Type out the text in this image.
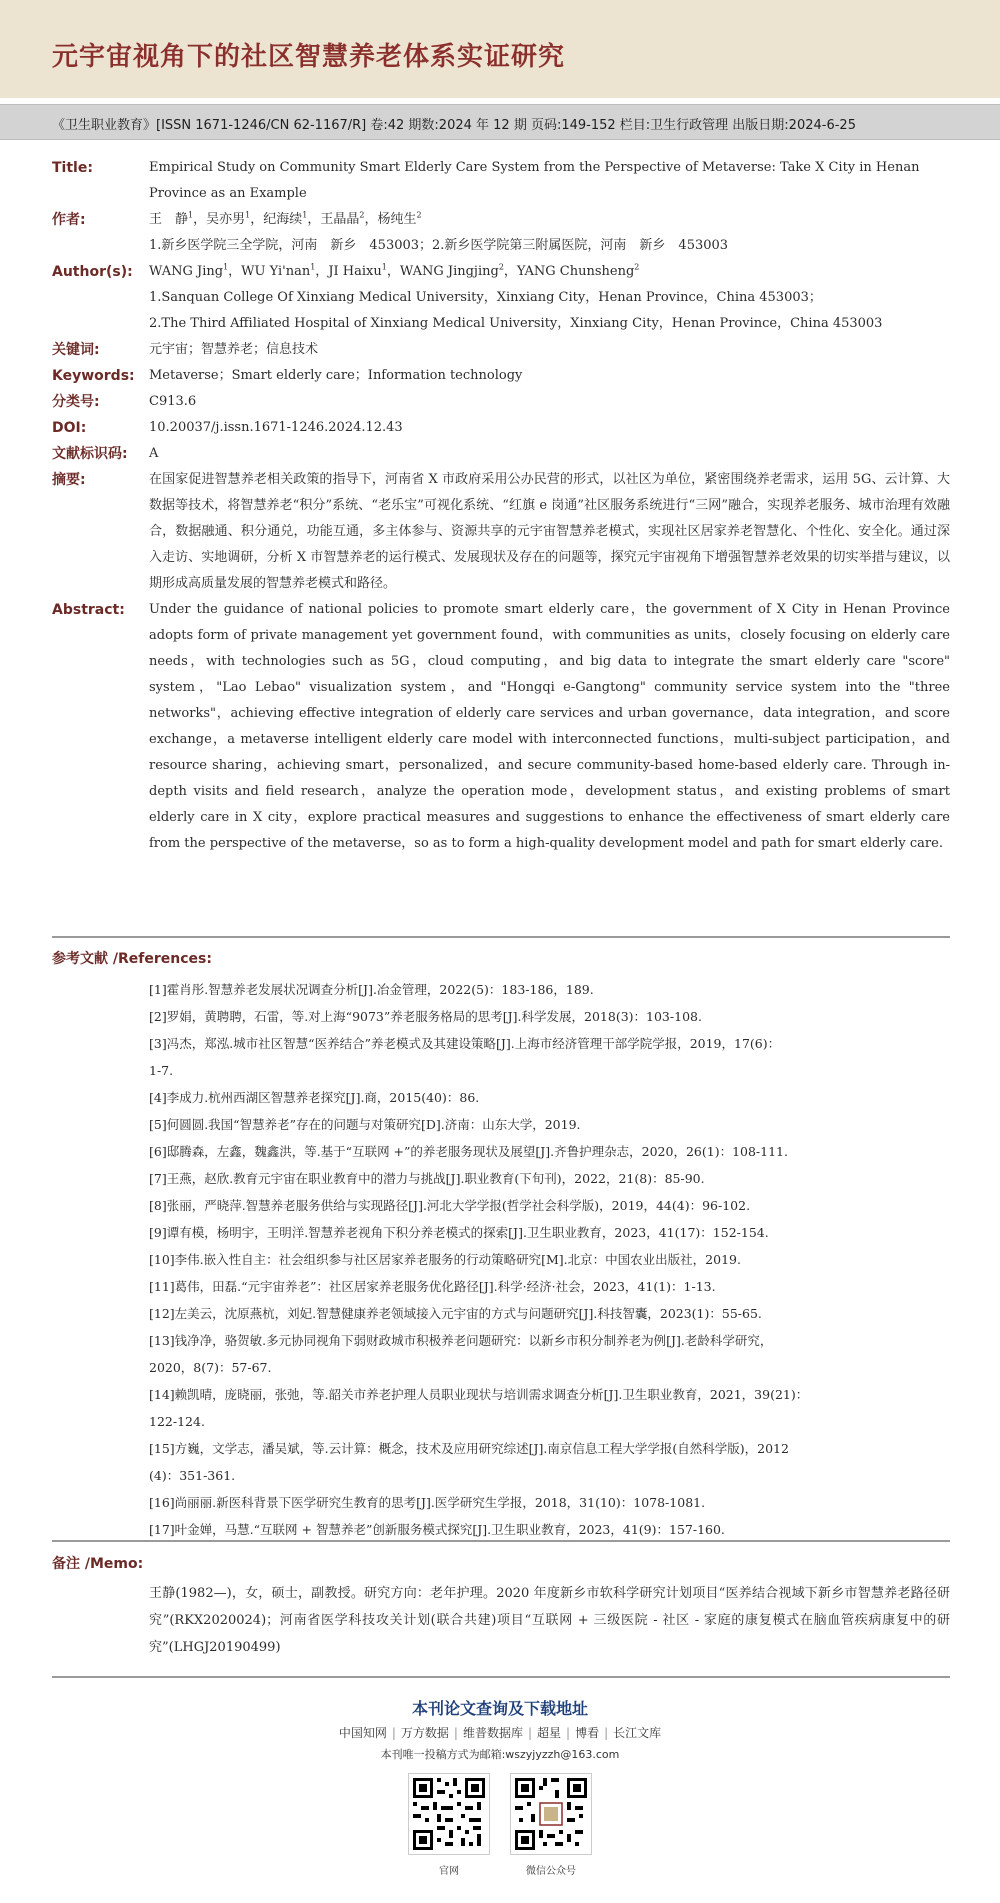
元宇宙视角下的社区智慧养老体系实证研究
《卫生职业教育》[ISSN 1671-1246/CN 62-1167/R] 卷:42 期数:2024 年 12 期 页码:149-152 栏目:卫生行政管理 出版日期:2024-6-25
Title:	Empirical Study on Community Smart Elderly Care System from the Perspective of Metaverse: Take X City in Henan
Province as an Example
作者:	王　静$^1$，吴亦男$^1$，纪海续$^1$，王晶晶$^2$，杨纯生$^2$
1.新乡医学院三全学院，河南　新乡　453003；2.新乡医学院第三附属医院，河南　新乡　453003
Author(s):	WANG Jing$^1$，WU Yi'nan$^1$，JI Haixu$^1$，WANG Jingjing$^2$，YANG Chunsheng$^2$
1.Sanquan College Of Xinxiang Medical University，Xinxiang City，Henan Province，China 453003；
2.The Third Affiliated Hospital of Xinxiang Medical University，Xinxiang City，Henan Province，China 453003
关键词:	元宇宙；智慧养老；信息技术
Keywords:	Metaverse；Smart elderly care；Information technology
分类号:	C913.6
DOI:	10.20037/j.issn.1671-1246.2024.12.43
文献标识码:	A
摘要:	在国家促进智慧养老相关政策的指导下，河南省 X 市政府采用公办民营的形式，以社区为单位，紧密围绕养老需求，运用 5G、云计算、大数据等技术，将智慧养老“积分”系统、“老乐宝”可视化系统、“红旗 e 岗通”社区服务系统进行“三网”融合，实现养老服务、城市治理有效融合，数据融通、积分通兑，功能互通，多主体参与、资源共享的元宇宙智慧养老模式，实现社区居家养老智慧化、个性化、安全化。通过深入走访、实地调研，分析 X 市智慧养老的运行模式、发展现状及存在的问题等，探究元宇宙视角下增强智慧养老效果的切实举措与建议，以期形成高质量发展的智慧养老模式和路径。
Abstract:	Under the guidance of national policies to promote smart elderly care，the government of X City in Henan Province adopts form of private management yet government found，with communities as units，closely focusing on elderly care needs，with technologies such as 5G，cloud computing，and big data to integrate the smart elderly care "score" system，"Lao Lebao" visualization system，and "Hongqi e-Gangtong" community service system into the "three networks"，achieving effective integration of elderly care services and urban governance，data integration，and score exchange，a metaverse intelligent elderly care model with interconnected functions，multi-subject participation，and resource sharing，achieving smart，personalized，and secure community-based home-based elderly care. Through in-depth visits and field research，analyze the operation mode，development status，and existing problems of smart elderly care in X city，explore practical measures and suggestions to enhance the effectiveness of smart elderly care from the perspective of the metaverse，so as to form a high-quality development model and path for smart elderly care.
参考文献 /References:
[1]霍肖彤.智慧养老发展状况调查分析[J].冶金管理，2022(5)：183-186，189.
[2]罗娟，黄聘聘，石雷，等.对上海“9073”养老服务格局的思考[J].科学发展，2018(3)：103-108.
[3]冯杰，郑泓.城市社区智慧“医养结合”养老模式及其建设策略[J].上海市经济管理干部学院学报，2019，17(6)：
1-7.
[4]李成力.杭州西湖区智慧养老探究[J].商，2015(40)：86.
[5]何圆圆.我国“智慧养老”存在的问题与对策研究[D].济南：山东大学，2019.
[6]邸腾森，左鑫，魏鑫洪，等.基于“互联网 +”的养老服务现状及展望[J].齐鲁护理杂志，2020，26(1)：108-111.
[7]王燕，赵欣.教育元宇宙在职业教育中的潜力与挑战[J].职业教育(下旬刊)，2022，21(8)：85-90.
[8]张丽，严晓萍.智慧养老服务供给与实现路径[J].河北大学学报(哲学社会科学版)，2019，44(4)：96-102.
[9]谭有模，杨明宇，王明洋.智慧养老视角下积分养老模式的探索[J].卫生职业教育，2023，41(17)：152-154.
[10]李伟.嵌入性自主：社会组织参与社区居家养老服务的行动策略研究[M].北京：中国农业出版社，2019.
[11]葛伟，田磊.“元宇宙养老”：社区居家养老服务优化路径[J].科学·经济·社会，2023，41(1)：1-13.
[12]左美云，沈原燕杭，刘妃.智慧健康养老领域接入元宇宙的方式与问题研究[J].科技智囊，2023(1)：55-65.
[13]钱净净，骆贺敏.多元协同视角下弱财政城市积极养老问题研究：以新乡市积分制养老为例[J].老龄科学研究，
2020，8(7)：57-67.
[14]赖凯晴，庞晓丽，张弛，等.韶关市养老护理人员职业现状与培训需求调查分析[J].卫生职业教育，2021，39(21)：
122-124.
[15]方巍，文学志，潘吴斌，等.云计算：概念，技术及应用研究综述[J].南京信息工程大学学报(自然科学版)，2012
(4)：351-361.
[16]尚丽丽.新医科背景下医学研究生教育的思考[J].医学研究生学报，2018，31(10)：1078-1081.
[17]叶金婵，马慧.“互联网 + 智慧养老”创新服务模式探究[J].卫生职业教育，2023，41(9)：157-160.
备注 /Memo:
王静(1982—)，女，硕士，副教授。研究方向：老年护理。2020 年度新乡市软科学研究计划项目“医养结合视域下新乡市智慧养老路径研究”(RKX2020024)；河南省医学科技攻关计划(联合共建)项目“互联网 + 三级医院 - 社区 - 家庭的康复模式在脑血管疾病康复中的研究”(LHGJ20190499)
本刊论文查询及下载地址
中国知网 | 万方数据 | 维普数据库 | 超星 | 博看 | 长江文库
本刊唯一投稿方式为邮箱:wszyjyzzh@163.com
官网	微信公众号
